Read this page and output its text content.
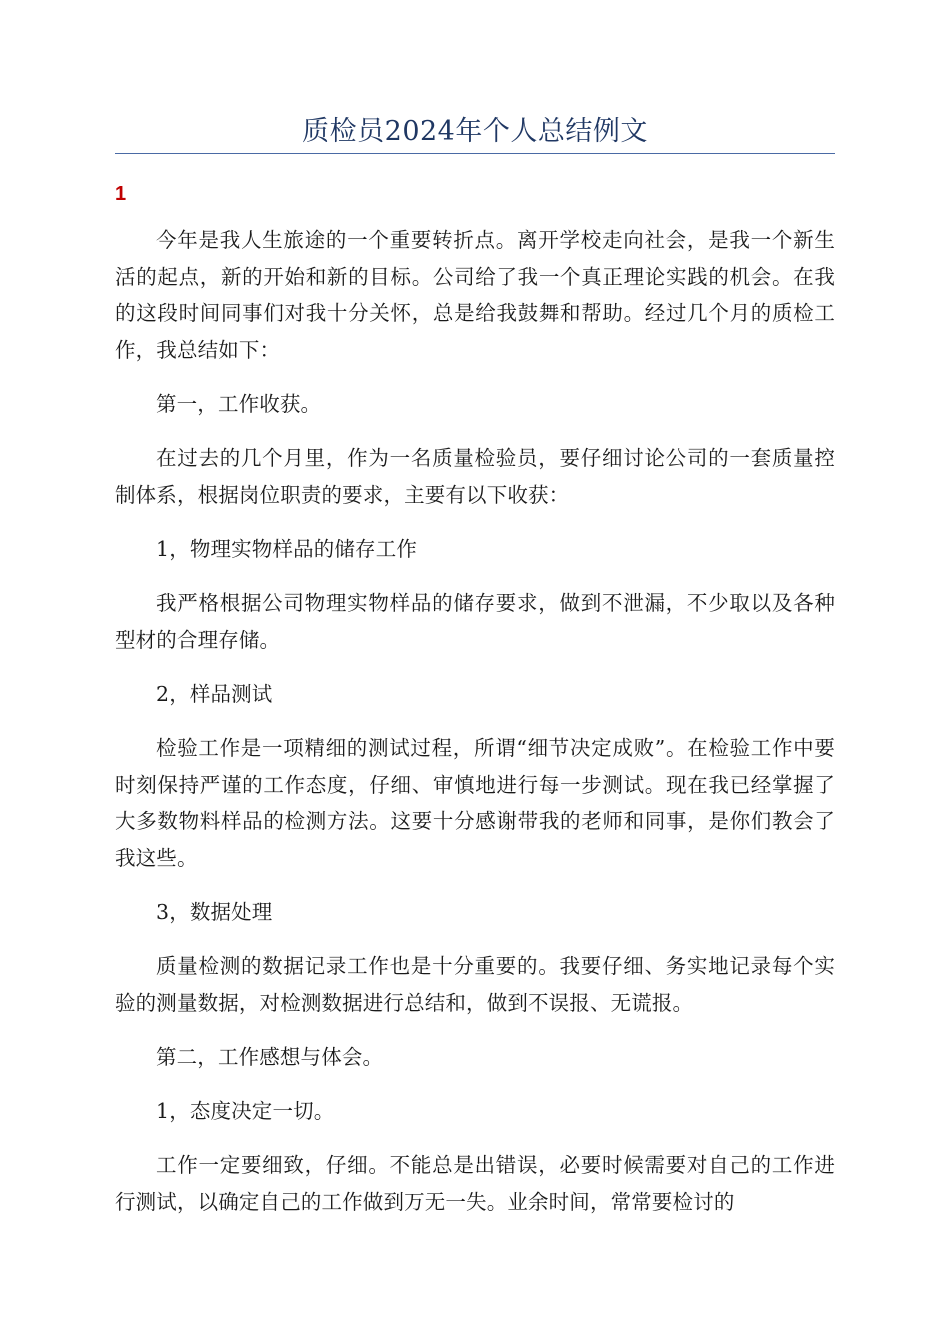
质检员2024年个人总结例文
1

今年是我人生旅途的一个重要转折点。离开学校走向社会，是我一个新生活的起点，新的开始和新的目标。公司给了我一个真正理论实践的机会。在我的这段时间同事们对我十分关怀，总是给我鼓舞和帮助。经过几个月的质检工作，我总结如下：

第一，工作收获。

在过去的几个月里，作为一名质量检验员，要仔细讨论公司的一套质量控制体系，根据岗位职责的要求，主要有以下收获：

1，物理实物样品的储存工作

我严格根据公司物理实物样品的储存要求，做到不泄漏，不少取以及各种型材的合理存储。

2，样品测试

检验工作是一项精细的测试过程，所谓“细节决定成败”。在检验工作中要时刻保持严谨的工作态度，仔细、审慎地进行每一步测试。现在我已经掌握了大多数物料样品的检测方法。这要十分感谢带我的老师和同事，是你们教会了我这些。

3，数据处理

质量检测的数据记录工作也是十分重要的。我要仔细、务实地记录每个实验的测量数据，对检测数据进行总结和，做到不误报、无谎报。

第二，工作感想与体会。

1，态度决定一切。

工作一定要细致，仔细。不能总是出错误，必要时候需要对自己的工作进行测试，以确定自己的工作做到万无一失。业余时间，常常要检讨的
